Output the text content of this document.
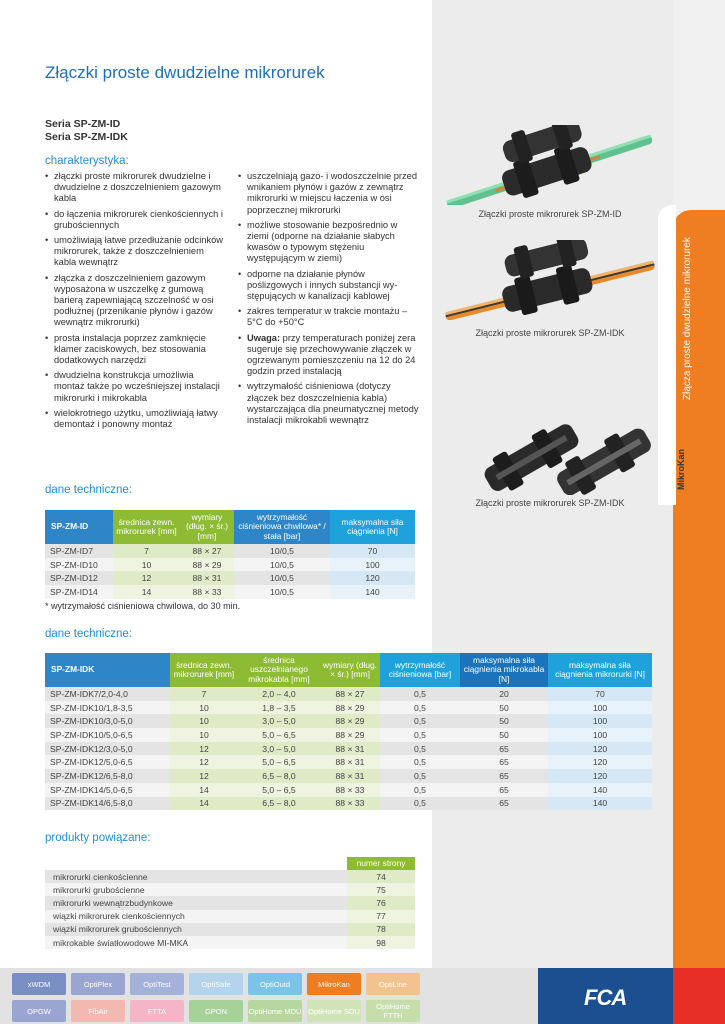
Złącza proste dwudzielne mikrorurek
MikroKan
Złączki proste dwudzielne mikrorurek
Seria SP-ZM-ID
Seria SP-ZM-IDK
charakterystyka:
• złączki proste mikrorurek dwudzielne i dwudzielne z doszczelnieniem gazowym kabla
• do łączenia mikrorurek cienkościennych i grubościennych
• umożliwiają łatwe przedłużanie odcinków mikrorurek, także z doszczelnieniem kabla wewnątrz
• złączka z doszczelnieniem gazowym wyposażona w uszczelkę z gumową barierą zapewniającą szczelność w osi podłużnej (przenikanie płynów i gazów wewnątrz mikrorurki)
• prosta instalacja poprzez zamknięcie klamer zaciskowych, bez stosowania dodatkowych narzędzi
• dwudzielna konstrukcja umożliwia montaż także po wcześniejszej instalacji mikrorurki i mikrokabla
• wielokrotnego użytku, umożliwiają łatwy demontaż i ponowny montaż
• uszczelniają gazo- i wodoszczelnie przed wnikaniem płynów i gazów z zewnątrz mikrorurki w miejscu łaczenia w osi poprzecznej mikrorurki
• możliwe stosowanie bezpośrednio w ziemi (odporne na działanie słabych kwasów o typowym stężeniu występującym w ziemi)
• odporne na działanie płynów poślizgowych i innych substancji występujących w kanalizacji kablowej
• zakres temperatur w trakcie montażu –5°C do +50°C
• Uwaga: przy temperaturach poniżej zera sugeruje się przechowywanie złączek w ogrzewanym pomieszczeniu na 12 do 24 godzin przed instalacją
• wytrzymałość ciśnieniowa (dotyczy złączek bez doszczelnienia kabla) wystarczająca dla pneumatycznej metody instalacji mikrokabli wewnątrz
Złączki proste mikrorurek SP-ZM-ID
Złączki proste mikrorurek SP-ZM-IDK
Złączki proste mikrorurek SP-ZM-IDK
dane techniczne:
SP-ZM-ID	średnica zewn. mikrorurek [mm]	wymiary (dług. × śr.) [mm]	wytrzymałość ciśnieniowa chwilowa* / stała [bar]	maksymalna siła ciągnienia [N]
SP-ZM-ID7	7	88 × 27	10/0,5	70
SP-ZM-ID10	10	88 × 29	10/0,5	100
SP-ZM-ID12	12	88 × 31	10/0,5	120
SP-ZM-ID14	14	88 × 33	10/0,5	140
* wytrzymałość ciśnieniowa chwilowa, do 30 min.
dane techniczne:
SP-ZM-IDK	średnica zewn. mikrorurek [mm]	średnica uszczelnianego mikrokabla [mm]	wymiary (dług. × śr.) [mm]	wytrzymałość ciśnieniowa [bar]	maksymalna siła ciągnienia mikrokabla [N]	maksymalna siła ciągnienia mikrorurki [N]
SP-ZM-IDK7/2,0-4,0	7	2,0 – 4,0	88 × 27	0,5	20	70
SP-ZM-IDK10/1,8-3,5	10	1,8 – 3,5	88 × 29	0,5	50	100
SP-ZM-IDK10/3,0-5,0	10	3,0 – 5,0	88 × 29	0,5	50	100
SP-ZM-IDK10/5,0-6,5	10	5,0 – 6,5	88 × 29	0,5	50	100
SP-ZM-IDK12/3,0-5,0	12	3,0 – 5,0	88 × 31	0,5	65	120
SP-ZM-IDK12/5,0-6,5	12	5,0 – 6,5	88 × 31	0,5	65	120
SP-ZM-IDK12/6,5-8,0	12	6,5 – 8,0	88 × 31	0,5	65	120
SP-ZM-IDK14/5,0-6,5	14	5,0 – 6,5	88 × 33	0,5	65	140
SP-ZM-IDK14/6,5-8,0	14	6,5 – 8,0	88 × 33	0,5	65	140
produkty powiązane:
	numer strony
mikrorurki cienkościenne	74
mikrorurki grubościenne	75
mikrorurki wewnątrzbudynkowe	76
wiązki mikrorurek cienkościennych	77
wiązki mikrorurek grubościennych	78
mikrokable światłowodowe MI-MKA	98
xWDM	OptiPlex	OptiTest	OptiSafe	OptiOutd	MikroKan	OptiLine
OPGW	FibAir	FTTA	GPON	OptiHome MDU OptiHome SDU	OptiHome FTTH
FCA
